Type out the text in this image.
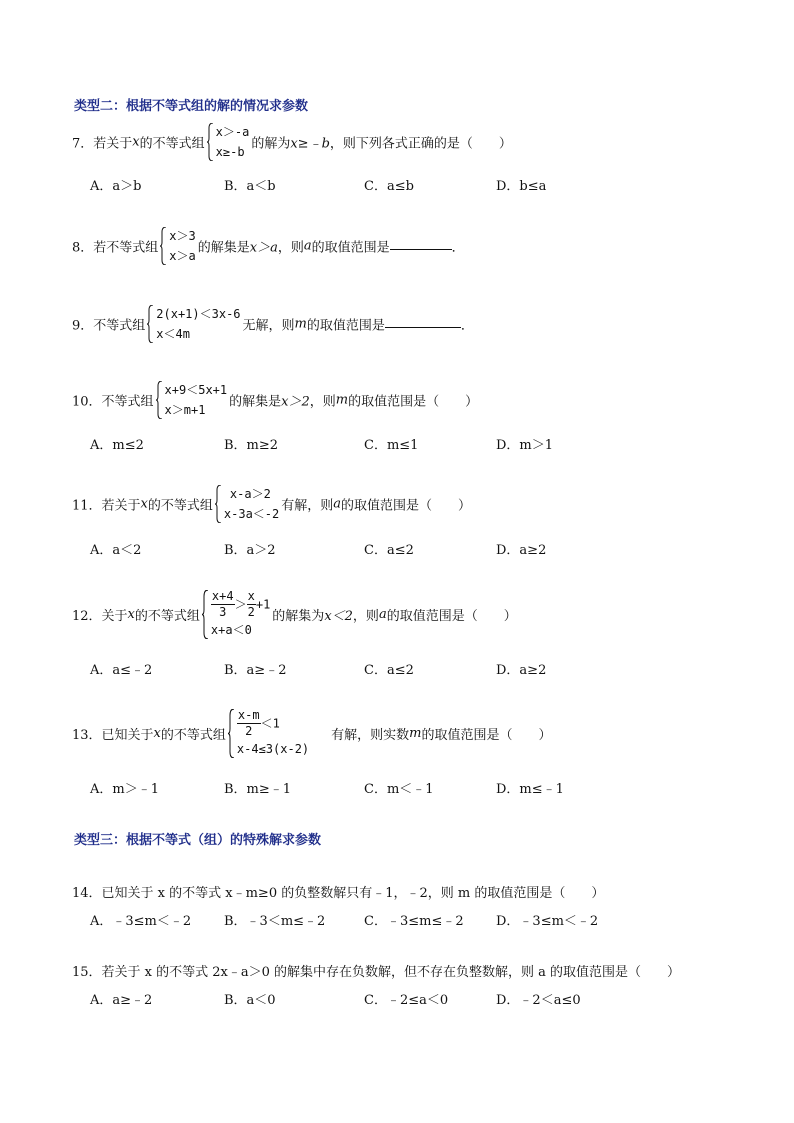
类型二：根据不等式组的解的情况求参数
7．若关于x的不等式组
x＞-a
x≥-b
的解为x≥﹣b，则下列各式正确的是（　　）
A．a＞b	B．a＜b	C．a≤b	D．b≤a
8．若不等式组
x＞3
x＞a
的解集是x＞a，则a的取值范围是	．
9．不等式组
2(x+1)＜3x-6
x＜4m
无解，则m的取值范围是	．
10．不等式组
x+9＜5x+1
x＞m+1
的解集是x＞2，则m的取值范围是（　　）
A．m≤2	B．m≥2	C．m≤1	D．m＞1
11．若关于x的不等式组
x-a＞2
x-3a＜-2
有解，则a的取值范围是（　　）
A．a＜2	B．a＞2	C．a≤2	D．a≥2
12．关于x的不等式组 $\frac{x+4}{3} > \frac{x}{2} +1$
x+a＜0
的解集为x＜2，则a的取值范围是（　　）
A．a≤﹣2	B．a≥﹣2	C．a≤2	D．a≥2
13．已知关于x的不等式组 $\frac{x-m}{2} <1$
x-4≤3(x-2)
有解，则实数m的取值范围是（　　）
A．m＞﹣1	B．m≥﹣1	C．m＜﹣1	D．m≤﹣1
类型三：根据不等式（组）的特殊解求参数
14．已知关于 x 的不等式 x﹣m≥0 的负整数解只有﹣1，﹣2，则 m 的取值范围是（　　）
A．﹣3≤m＜﹣2	B．﹣3＜m≤﹣2	C．﹣3≤m≤﹣2 D．﹣3≤m＜﹣2
15．若关于 x 的不等式 2x﹣a＞0 的解集中存在负数解，但不存在负整数解，则 a 的取值范围是（　　）
A．a≥﹣2	B．a＜0	C．﹣2≤a＜0	D．﹣2＜a≤0
